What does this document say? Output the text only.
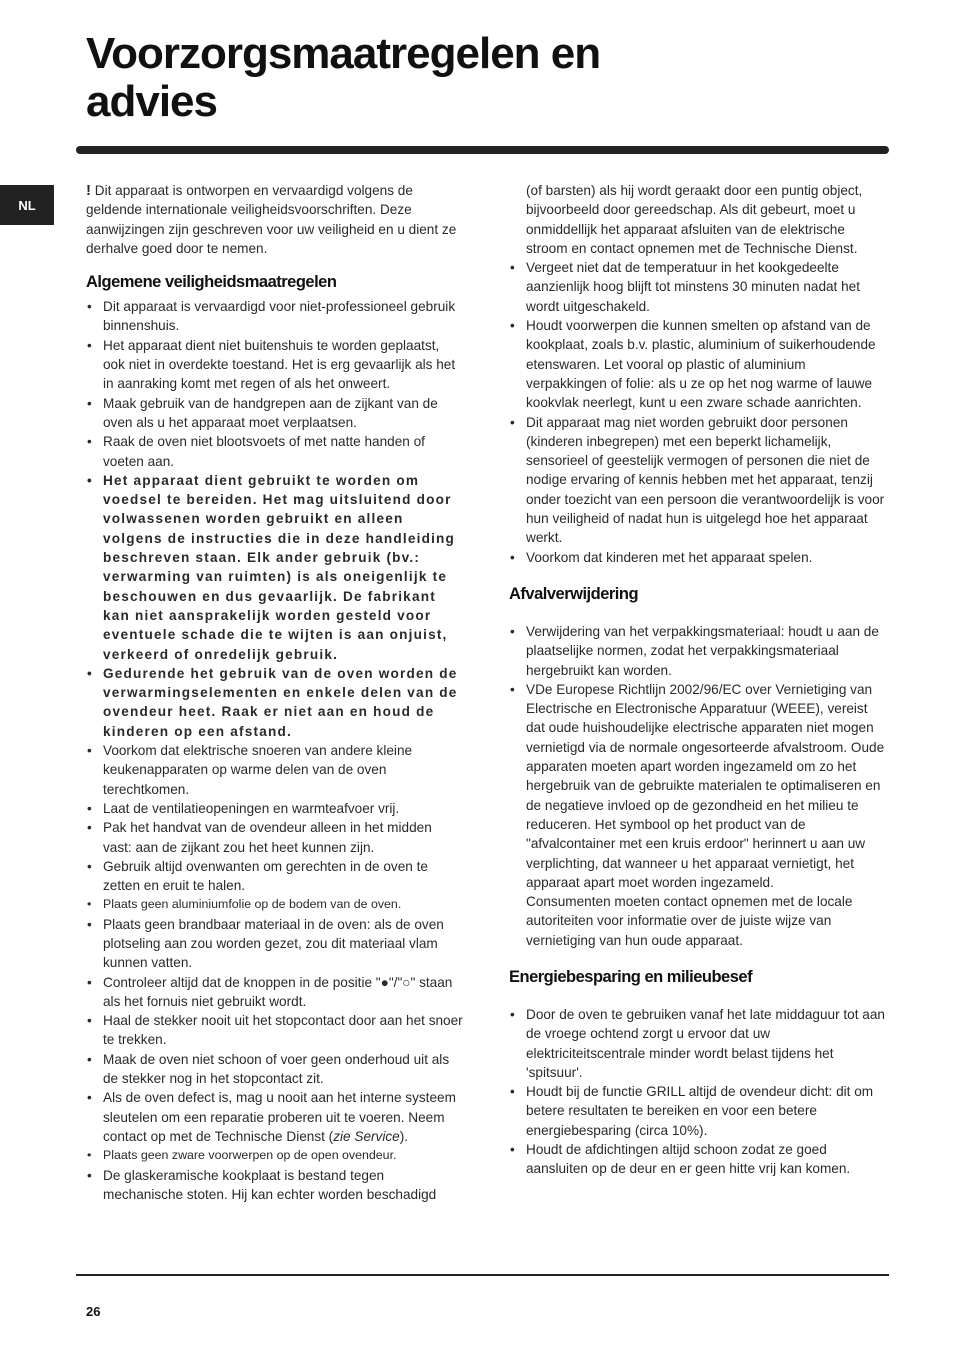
Voorzorgsmaatregelen en
advies
NL

! Dit apparaat is ontworpen en vervaardigd volgens de geldende internationale veiligheidsvoorschriften. Deze aanwijzingen zijn geschreven voor uw veiligheid en u dient ze derhalve goed door te nemen.

Algemene veiligheidsmaatregelen
• Dit apparaat is vervaardigd voor niet-professioneel gebruik binnenshuis.
• Het apparaat dient niet buitenshuis te worden geplaatst, ook niet in overdekte toestand. Het is erg gevaarlijk als het in aanraking komt met regen of als het onweert.
• Maak gebruik van de handgrepen aan de zijkant van de oven als u het apparaat moet verplaatsen.
• Raak de oven niet blootsvoets of met natte handen of voeten aan.
• Het apparaat dient gebruikt te worden om voedsel te bereiden. Het mag uitsluitend door volwassenen worden gebruikt en alleen volgens de instructies die in deze handleiding beschreven staan. Elk ander gebruik (bv.: verwarming van ruimten) is als oneigenlijk te beschouwen en dus gevaarlijk. De fabrikant kan niet aansprakelijk worden gesteld voor eventuele schade die te wijten is aan onjuist, verkeerd of onredelijk gebruik.
• Gedurende het gebruik van de oven worden de verwarmingselementen en enkele delen van de ovendeur heet. Raak er niet aan en houd de kinderen op een afstand.
• Voorkom dat elektrische snoeren van andere kleine keukenapparaten op warme delen van de oven terechtkomen.
• Laat de ventilatieopeningen en warmteafvoer vrij.
• Pak het handvat van de ovendeur alleen in het midden vast: aan de zijkant zou het heet kunnen zijn.
• Gebruik altijd ovenwanten om gerechten in de oven te zetten en eruit te halen.
• Plaats geen aluminiumfolie op de bodem van de oven.
• Plaats geen brandbaar materiaal in de oven: als de oven plotseling aan zou worden gezet, zou dit materiaal vlam kunnen vatten.
• Controleer altijd dat de knoppen in de positie "●"/"○" staan als het fornuis niet gebruikt wordt.
• Haal de stekker nooit uit het stopcontact door aan het snoer te trekken.
• Maak de oven niet schoon of voer geen onderhoud uit als de stekker nog in het stopcontact zit.
• Als de oven defect is, mag u nooit aan het interne systeem sleutelen om een reparatie proberen uit te voeren. Neem contact op met de Technische Dienst (zie Service).
• Plaats geen zware voorwerpen op de open ovendeur.
• De glaskeramische kookplaat is bestand tegen mechanische stoten. Hij kan echter worden beschadigd

(of barsten) als hij wordt geraakt door een puntig object, bijvoorbeeld door gereedschap. Als dit gebeurt, moet u onmiddellijk het apparaat afsluiten van de elektrische stroom en contact opnemen met de Technische Dienst.

• Vergeet niet dat de temperatuur in het kookgedeelte aanzienlijk hoog blijft tot minstens 30 minuten nadat het wordt uitgeschakeld.
• Houdt voorwerpen die kunnen smelten op afstand van de kookplaat, zoals b.v. plastic, aluminium of suikerhoudende etenswaren. Let vooral op plastic of aluminium verpakkingen of folie: als u ze op het nog warme of lauwe kookvlak neerlegt, kunt u een zware schade aanrichten.
• Dit apparaat mag niet worden gebruikt door personen (kinderen inbegrepen) met een beperkt lichamelijk, sensorieel of geestelijk vermogen of personen die niet de nodige ervaring of kennis hebben met het apparaat, tenzij onder toezicht van een persoon die verantwoordelijk is voor hun veiligheid of nadat hun is uitgelegd hoe het apparaat werkt.
• Voorkom dat kinderen met het apparaat spelen.
Afvalverwijdering
• Verwijdering van het verpakkingsmateriaal: houdt u aan de plaatselijke normen, zodat het verpakkingsmateriaal hergebruikt kan worden.
• VDe Europese Richtlijn 2002/96/EC over Vernietiging van Electrische en Electronische Apparatuur (WEEE), vereist dat oude huishoudelijke electrische apparaten niet mogen vernietigd via de normale ongesorteerde afvalstroom. Oude apparaten moeten apart worden ingezameld om zo het hergebruik van de gebruikte materialen te optimaliseren en de negatieve invloed op de gezondheid en het milieu te reduceren. Het symbool op het product van de "afvalcontainer met een kruis erdoor" herinnert u aan uw verplichting, dat wanneer u het apparaat vernietigt, het apparaat apart moet worden ingezameld.

Consumenten moeten contact opnemen met de locale autoriteiten voor informatie over de juiste wijze van vernietiging van hun oude apparaat.

Energiebesparing en milieubesef
• Door de oven te gebruiken vanaf het late middaguur tot aan de vroege ochtend zorgt u ervoor dat uw elektriciteitscentrale minder wordt belast tijdens het 'spitsuur'.
• Houdt bij de functie GRILL altijd de ovendeur dicht: dit om betere resultaten te bereiken en voor een betere energiebesparing (circa 10%).
• Houdt de afdichtingen altijd schoon zodat ze goed aansluiten op de deur en er geen hitte vrij kan komen.
26
